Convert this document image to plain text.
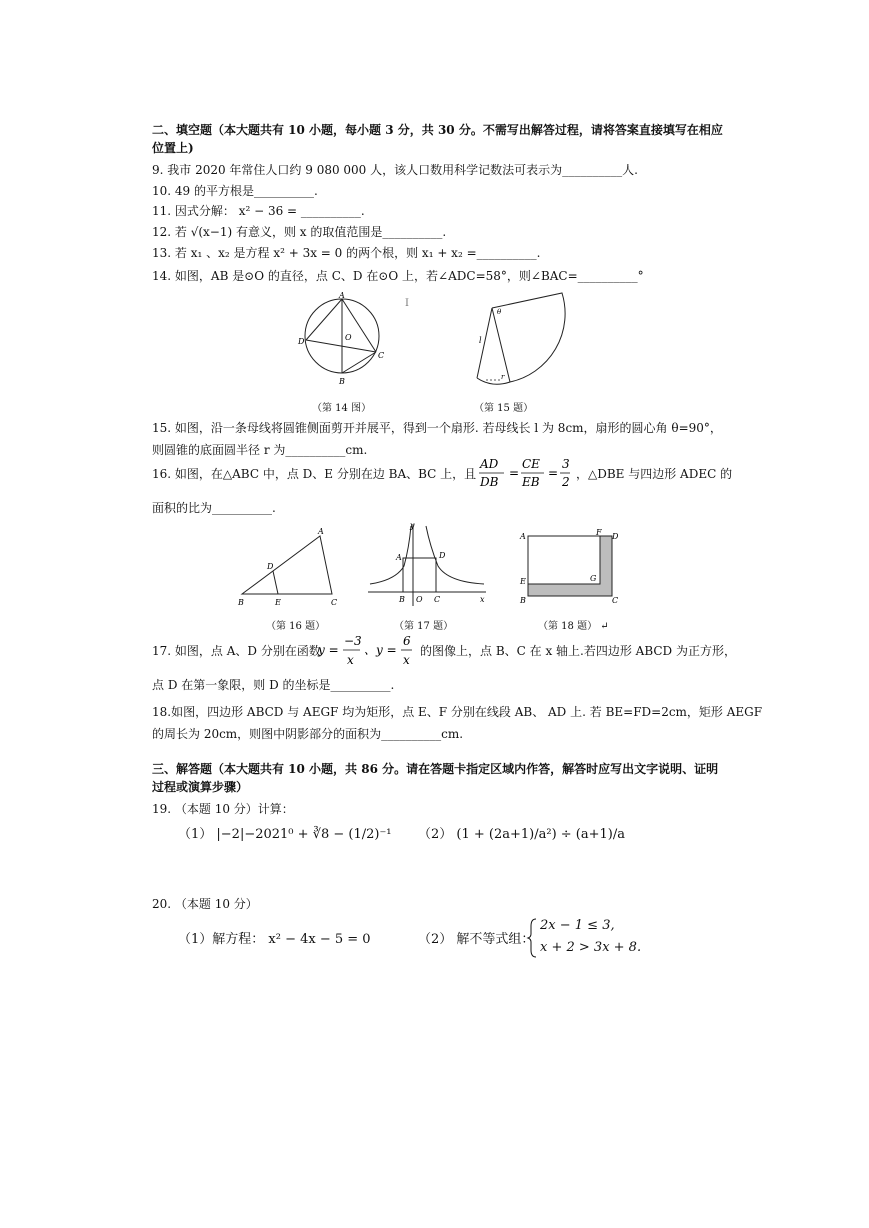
二、填空题（本大题共有 10 小题，每小题 3 分，共 30 分。不需写出解答过程，请将答案直接填写在相应
位置上)
9. 我市 2020 年常住人口约 9 080 000 人，该人口数用科学记数法可表示为__________人.
10. 49 的平方根是__________.
11. 因式分解： x² − 36 = __________.
12. 若 √(x−1) 有意义，则 x 的取值范围是__________.
13. 若 x₁ 、x₂ 是方程 x² + 3x = 0 的两个根，则 x₁ + x₂ =__________.
14. 如图，AB 是⊙O 的直径，点 C、D 在⊙O 上，若∠ADC=58°，则∠BAC=__________°
A
D	O
C
B
I
θ
l
r
（第 14 图）	（第 15 题）
15. 如图，沿一条母线将圆锥侧面剪开并展平，得到一个扇形. 若母线长 l 为 8cm，扇形的圆心角 θ=90°，
则圆锥的底面圆半径 r 为__________cm.
16. 如图，在△ABC 中，点 D、E 分别在边 BA、BC 上，且
AD
DB
=
CE
EB
=
3
2
，△DBE 与四边形 ADEC 的
面积的比为__________.
A
D
B	E	C
y
A	D
B O C	x
A	F D
E	G
B	C
（第 16 题）	（第 17 题）	（第 18 题） ↵
17. 如图，点 A、D 分别在函数
y =
−3
x
、 y =
6
x
的图像上，点 B、C 在 x 轴上.若四边形 ABCD 为正方形，
点 D 在第一象限，则 D 的坐标是__________.
18.如图，四边形 ABCD 与 AEGF 均为矩形，点 E、F 分别在线段 AB、 AD 上. 若 BE=FD=2cm，矩形 AEGF
的周长为 20cm，则图中阴影部分的面积为__________cm.
三、解答题（本大题共有 10 小题，共 86 分。请在答题卡指定区域内作答，解答时应写出文字说明、证明
过程或演算步骤）
19. （本题 10 分）计算：
（1） |−2|−2021⁰ + ∛8 − (1/2)⁻¹ （2） (1 + (2a+1)/a²) ÷ (a+1)/a
20. （本题 10 分）
（1）解方程： x² − 4x − 5 = 0	（2） 解不等式组：
2x − 1 ≤ 3,
x + 2 > 3x + 8.
